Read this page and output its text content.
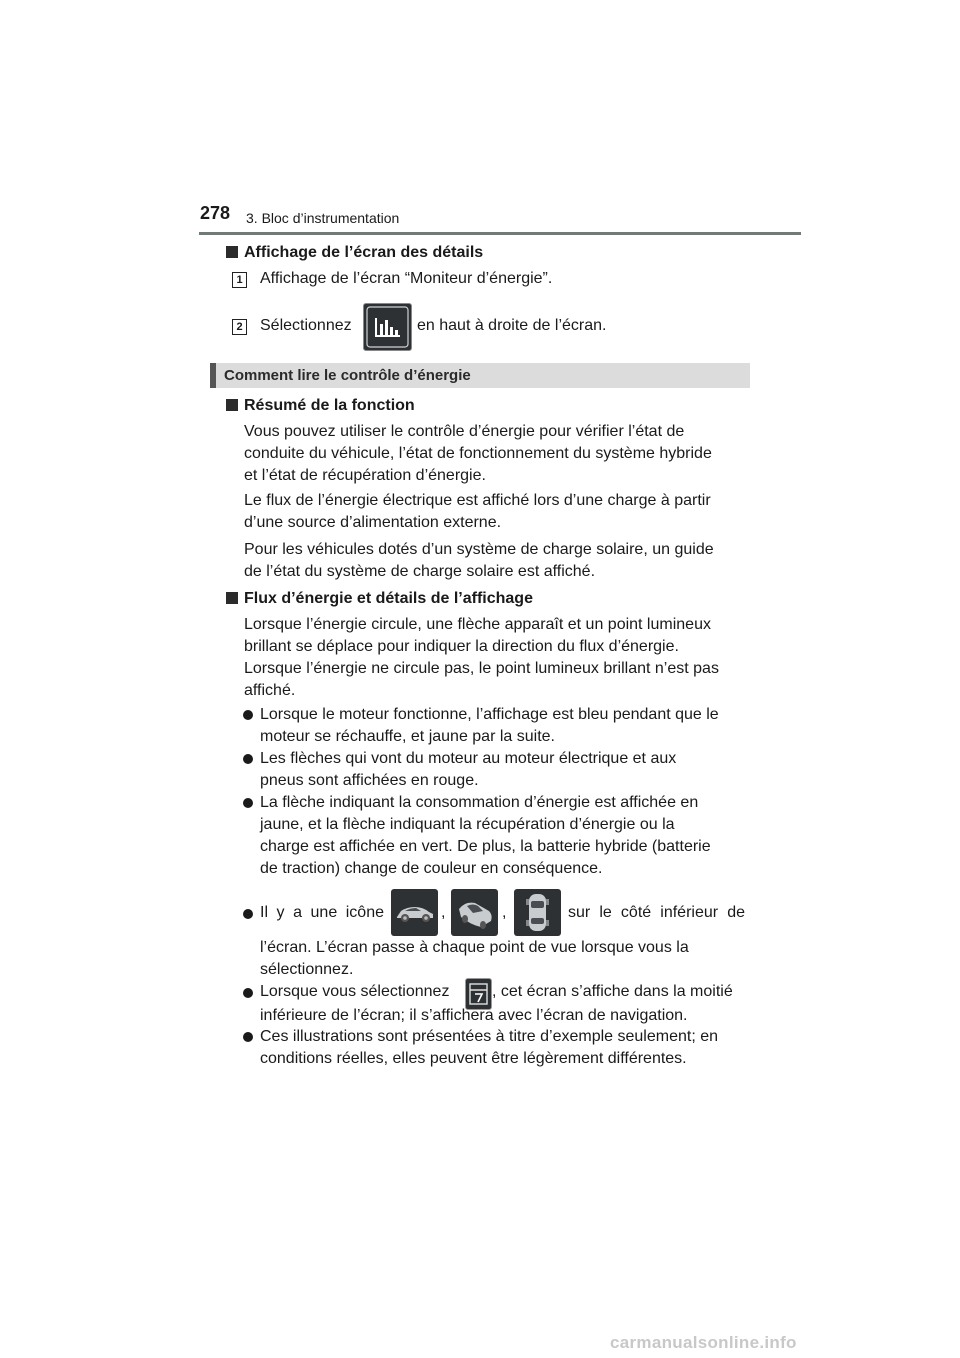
278 3. Bloc d’instrumentation
Affichage de l’écran des détails
1 Affichage de l’écran “Moniteur d’énergie”.
2 Sélectionnez	en haut à droite de l’écran.
Comment lire le contrôle d’énergie
Résumé de la fonction
Vous pouvez utiliser le contrôle d’énergie pour vérifier l’état de
conduite du véhicule, l’état de fonctionnement du système hybride
et l’état de récupération d’énergie.
Le flux de l’énergie électrique est affiché lors d’une charge à partir
d’une source d’alimentation externe.
Pour les véhicules dotés d’un système de charge solaire, un guide
de l’état du système de charge solaire est affiché.
Flux d’énergie et détails de l’affichage
Lorsque l’énergie circule, une flèche apparaît et un point lumineux
brillant se déplace pour indiquer la direction du flux d’énergie.
Lorsque l’énergie ne circule pas, le point lumineux brillant n’est pas
affiché.
Lorsque le moteur fonctionne, l’affichage est bleu pendant que le
moteur se réchauffe, et jaune par la suite.
Les flèches qui vont du moteur au moteur électrique et aux
pneus sont affichées en rouge.
La flèche indiquant la consommation d’énergie est affichée en
jaune, et la flèche indiquant la récupération d’énergie ou la
charge est affichée en vert. De plus, la batterie hybride (batterie
de traction) change de couleur en conséquence.
Il y a une icône	,	,	sur le côté inférieur de
l’écran. L’écran passe à chaque point de vue lorsque vous la
sélectionnez.
Lorsque vous sélectionnez	, cet écran s’affiche dans la moitié
inférieure de l’écran; il s’affichera avec l’écran de navigation.
Ces illustrations sont présentées à titre d’exemple seulement; en
conditions réelles, elles peuvent être légèrement différentes.
carmanualsonline.info
